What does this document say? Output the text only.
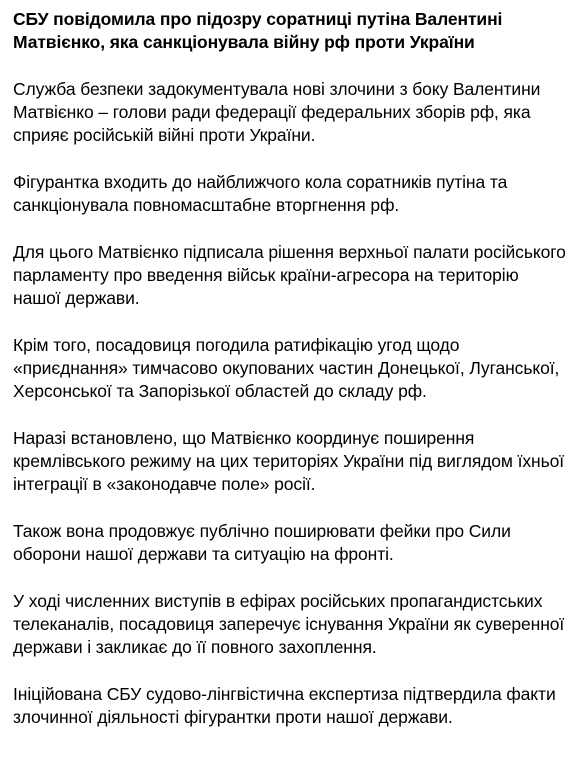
СБУ повідомила про підозру соратниці путіна Валентині Матвієнко, яка санкціонувала війну рф проти України

Служба безпеки задокументувала нові злочини з боку Валентини Матвієнко – голови ради федерації федеральних зборів рф, яка сприяє російській війні проти України.

Фігурантка входить до найближчого кола соратників путіна та санкціонувала повномасштабне вторгнення рф.

Для цього Матвієнко підписала рішення верхньої палати російського парламенту про введення військ країни-агресора на територію нашої держави.

Крім того, посадовиця погодила ратифікацію угод щодо «приєднання» тимчасово окупованих частин Донецької, Луганської, Херсонської та Запорізької областей до складу рф.

Наразі встановлено, що Матвієнко координує поширення кремлівського режиму на цих територіях України під виглядом їхньої інтеграції в «законодавче поле» росії.

Також вона продовжує публічно поширювати фейки про Сили оборони нашої держави та ситуацію на фронті.

У ході численних виступів в ефірах російських пропагандистських телеканалів, посадовиця заперечує існування України як суверенної держави і закликає до її повного захоплення.

Ініційована СБУ судово-лінгвістична експертиза підтвердила факти злочинної діяльності фігурантки проти нашої держави.
